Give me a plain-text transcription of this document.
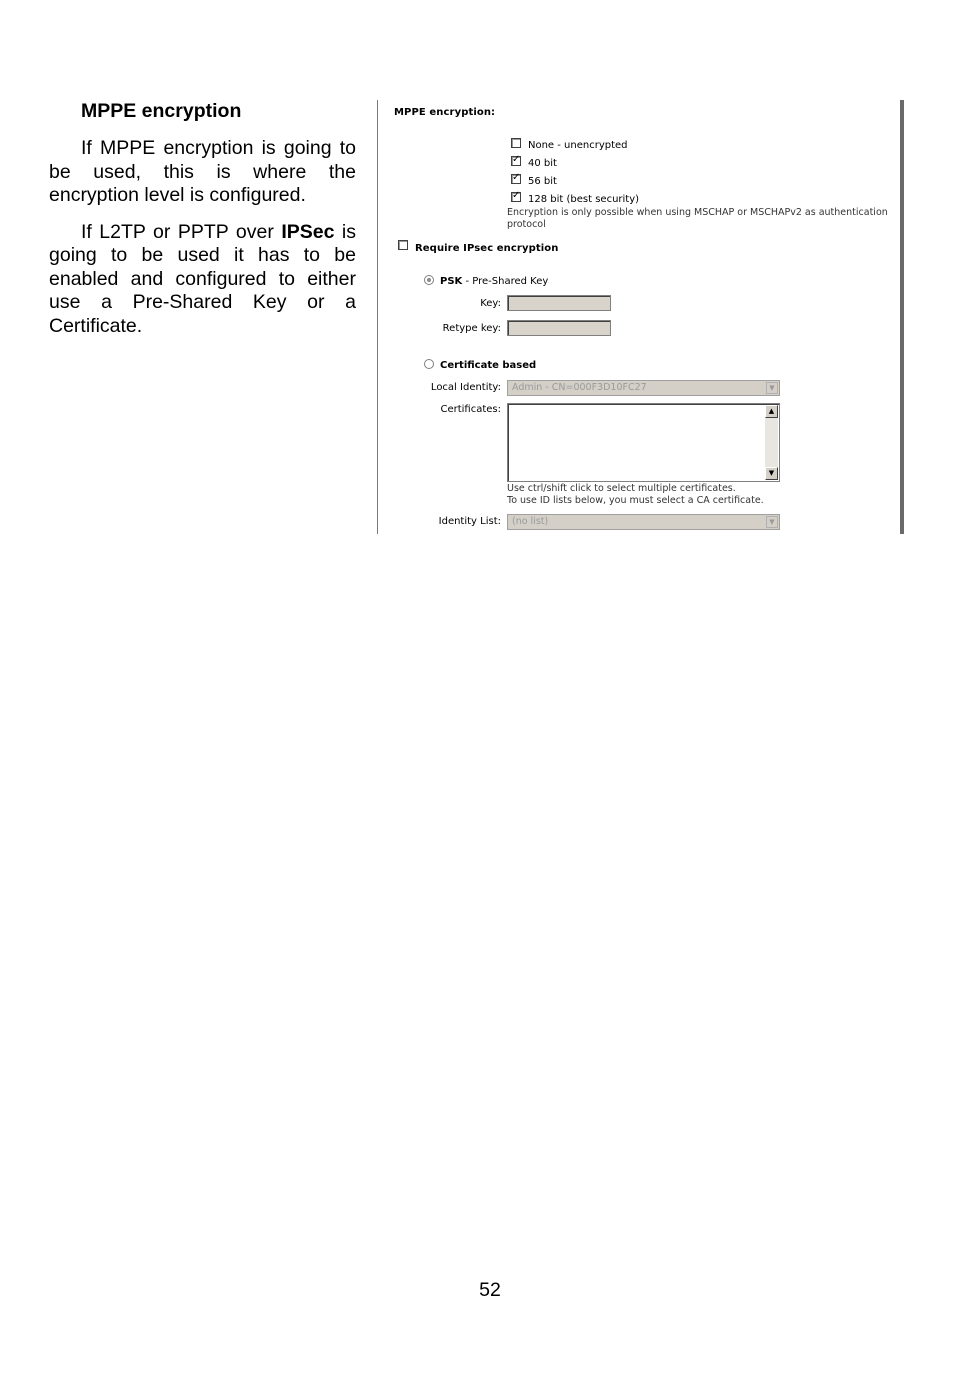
MPPE encryption

If MPPE encryption is going to be used, this is where the encryption level is configured.

If L2TP or PPTP over IPSec is going to be used it has to be enabled and configured to either use a Pre-Shared Key or a Certificate.

MPPE encryption:
None - unencrypted
✓ 40 bit
✓ 56 bit
✓ 128 bit (best security)
Encryption is only possible when using MSCHAP or MSCHAPv2 as authentication
protocol
Require IPsec encryption
PSK - Pre-Shared Key
Key:
Retype key:
Certificate based
Local Identity:	Admin - CN=000F3D10FC27	▼
Certificates:	▲
▼
Use ctrl/shift click to select multiple certificates.
To use ID lists below, you must select a CA certificate.
Identity List:	(no list)	▼
52
